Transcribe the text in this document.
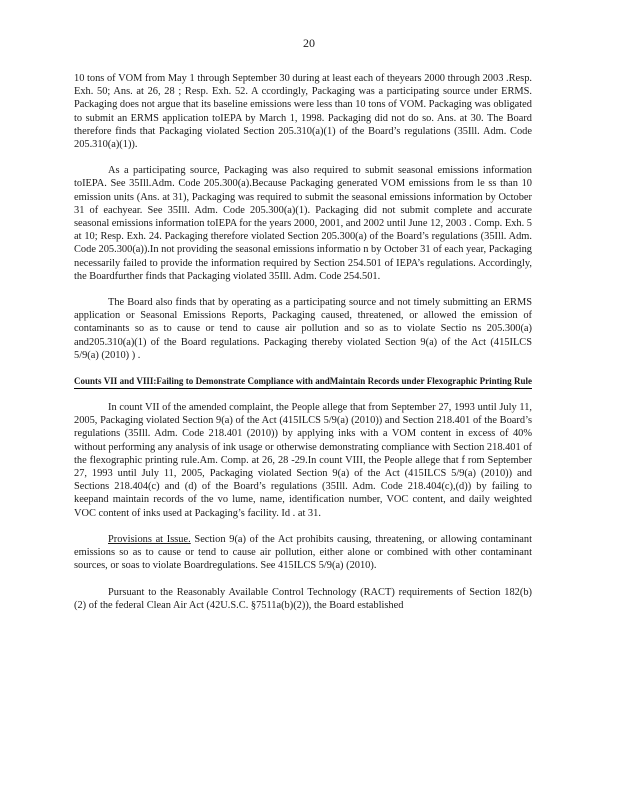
20

10 tons of VOM from May 1 through September 30 during at least each of theyears 2000 through 2003 .Resp. Exh. 50; Ans. at 26, 28 ; Resp. Exh. 52. A ccordingly, Packaging was a participating source under ERMS. Packaging does not argue that its baseline emissions were less than 10 tons of VOM. Packaging was obligated to submit an ERMS application toIEPA by March 1, 1998. Packaging did not do so. Ans. at 30. The Board therefore finds that Packaging violated Section 205.310(a)(1) of the Board’s regulations (35Ill. Adm. Code 205.310(a)(1)).

As a participating source, Packaging was also required to submit seasonal emissions information toIEPA. See 35Ill.Adm. Code 205.300(a).Because Packaging generated VOM emissions from le ss than 10 emission units (Ans. at 31), Packaging was required to submit the seasonal emissions information by October 31 of eachyear. See 35Ill. Adm. Code 205.300(a)(1). Packaging did not submit complete and accurate seasonal emissions information toIEPA for the years 2000, 2001, and 2002 until June 12, 2003 . Comp. Exh. 5 at 10; Resp. Exh. 24. Packaging therefore violated Section 205.300(a) of the Board’s regulations (35Ill. Adm. Code 205.300(a)).In not providing the seasonal emissions informatio n by October 31 of each year, Packaging necessarily failed to provide the information required by Section 254.501 of IEPA’s regulations. Accordingly, the Boardfurther finds that Packaging violated 35Ill. Adm. Code 254.501.

The Board also finds that by operating as a participating source and not timely submitting an ERMS application or Seasonal Emissions Reports, Packaging caused, threatened, or allowed the emission of contaminants so as to cause or tend to cause air pollution and so as to violate Sectio ns 205.300(a) and205.310(a)(1) of the Board regulations. Packaging thereby violated Section 9(a) of the Act (415ILCS 5/9(a) (2010) ) .

Counts VII and VIII:Failing to Demonstrate Compliance with andMaintain Records under Flexographic Printing Rule

In count VII of the amended complaint, the People allege that from September 27, 1993 until July 11, 2005, Packaging violated Section 9(a) of the Act (415ILCS 5/9(a) (2010)) and Section 218.401 of the Board’s regulations (35Ill. Adm. Code 218.401 (2010)) by applying inks with a VOM content in excess of 40% without performing any analysis of ink usage or otherwise demonstrating compliance with Section 218.401 of the flexographic printing rule.Am. Comp. at 26, 28 -29.In count VIII, the People allege that f rom September 27, 1993 until July 11, 2005, Packaging violated Section 9(a) of the Act (415ILCS 5/9(a) (2010)) and Sections 218.404(c) and (d) of the Board’s regulations (35Ill. Adm. Code 218.404(c),(d)) by failing to keepand maintain records of the vo lume, name, identification number, VOC content, and daily weighted VOC content of inks used at Packaging’s facility. Id . at 31.

Provisions at Issue. Section 9(a) of the Act prohibits causing, threatening, or allowing contaminant emissions so as to cause or tend to cause air pollution, either alone or combined with other contaminant sources, or soas to violate Boardregulations. See 415ILCS 5/9(a) (2010).

Pursuant to the Reasonably Available Control Technology (RACT) requirements of Section 182(b) (2) of the federal Clean Air Act (42U.S.C. §7511a(b)(2)), the Board established
